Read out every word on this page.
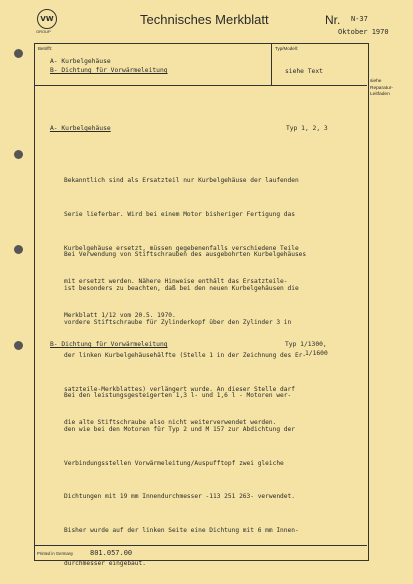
VW
GROUP
Technisches Merkblatt	Nr. N-37
Oktober 1970
Betrifft:
A- Kurbelgehäuse
B- Dichtung für Vorwärmeleitung
Typ/Modell:
siehe Text
siehe
Reparatur-
Leitfaden
A- Kurbelgehäuse	Typ 1, 2, 3

Bekanntlich sind als Ersatzteil nur Kurbelgehäuse der laufenden

Serie lieferbar. Wird bei einem Motor bisheriger Fertigung das

Kurbelgehäuse ersetzt, müssen gegebenenfalls verschiedene Teile

mit ersetzt werden. Nähere Hinweise enthält das Ersatzteile-

Merkblatt 1/12 vom 20.5. 1970.

Bei Verwendung von Stiftschrauben des ausgebohrten Kurbelgehäuses

ist besonders zu beachten, daß bei den neuen Kurbelgehäusen die

vordere Stiftschraube für Zylinderkopf über den Zylinder 3 in

der linken Kurbelgehäusehälfte (Stelle 1 in der Zeichnung des Er-

satzteile-Merkblattes) verlängert wurde. An dieser Stelle darf

die alte Stiftschraube also nicht weiterverwendet werden.

B- Dichtung für Vorwärmeleitung	Typ 1/1300,
1/1600

Bei den leistungsgesteigerten 1,3 l- und 1,6 l - Motoren wer-

den wie bei den Motoren für Typ 2 und M 157 zur Abdichtung der

Verbindungsstellen Vorwärmeleitung/Auspufftopf zwei gleiche

Dichtungen mit 19 mm Innendurchmesser -113 251 263- verwendet.

Bisher wurde auf der linken Seite eine Dichtung mit 6 mm Innen-

durchmesser eingebaut.

Printed in Germany 801.057.00
